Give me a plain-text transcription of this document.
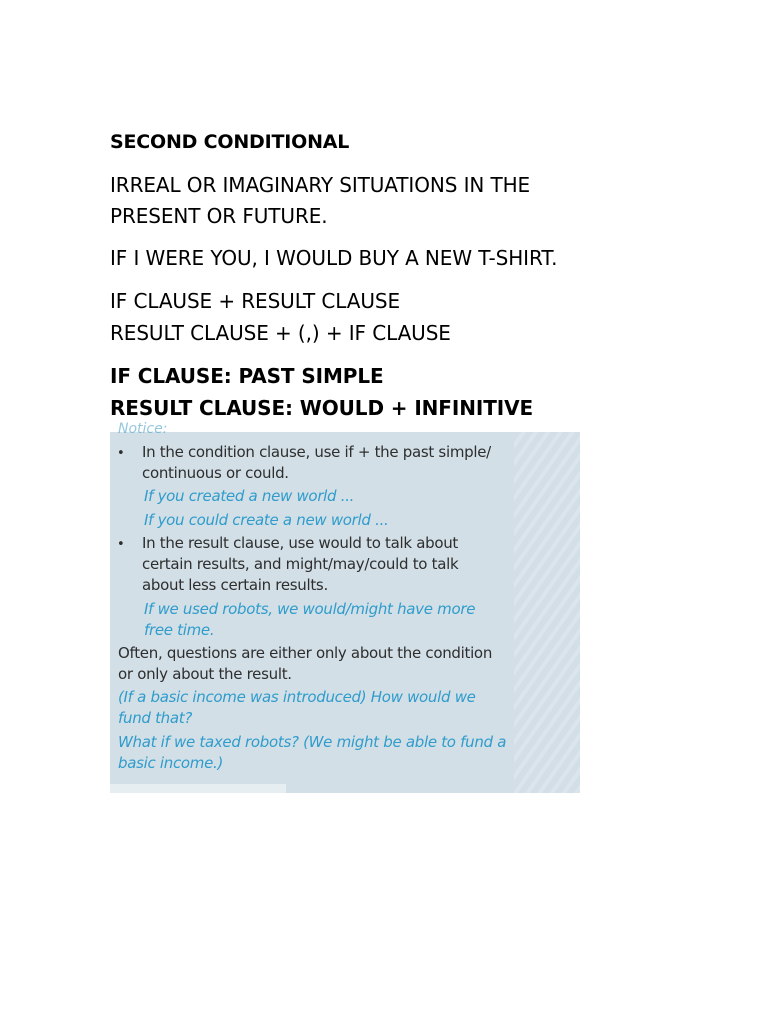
SECOND CONDITIONAL
IRREAL OR IMAGINARY SITUATIONS IN THE
PRESENT OR FUTURE.
IF I WERE YOU, I WOULD BUY A NEW T-SHIRT.
IF CLAUSE + RESULT CLAUSE
RESULT CLAUSE + (,) + IF CLAUSE
IF CLAUSE: PAST SIMPLE
RESULT CLAUSE: WOULD + INFINITIVE
Notice:
• In the condition clause, use if + the past simple/
continuous or could.
If you created a new world ...
If you could create a new world ...
• In the result clause, use would to talk about
certain results, and might/may/could to talk
about less certain results.
If we used robots, we would/might have more
free time.
Often, questions are either only about the condition
or only about the result.
(If a basic income was introduced) How would we
fund that?
What if we taxed robots? (We might be able to fund a
basic income.)
